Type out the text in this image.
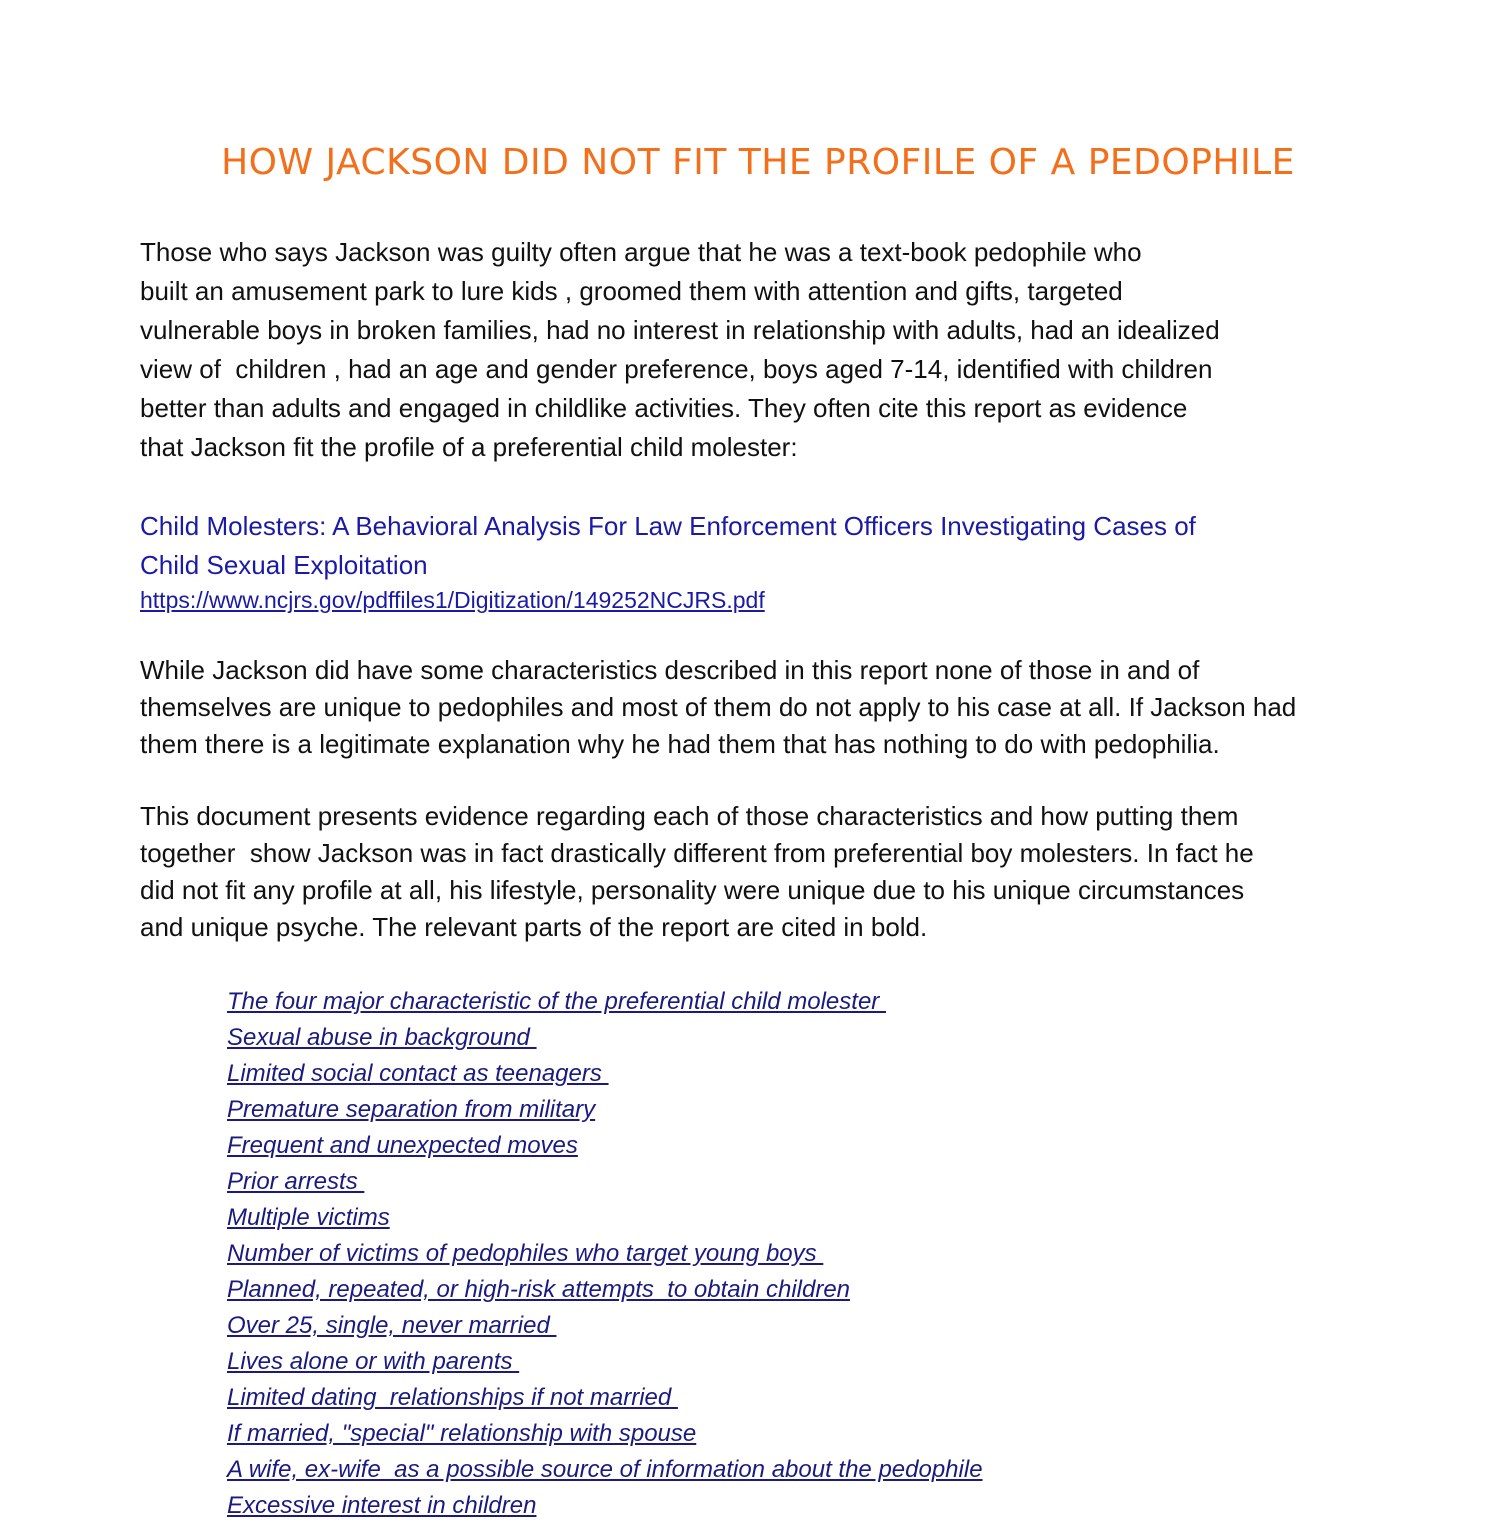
HOW JACKSON DID NOT FIT THE PROFILE OF A PEDOPHILE
Those who says Jackson was guilty often argue that he was a text-book pedophile who
built an amusement park to lure kids , groomed them with attention and gifts, targeted
vulnerable boys in broken families, had no interest in relationship with adults, had an idealized
view of  children , had an age and gender preference, boys aged 7-14, identified with children
better than adults and engaged in childlike activities. They often cite this report as evidence
that Jackson fit the profile of a preferential child molester:
Child Molesters: A Behavioral Analysis For Law Enforcement Officers Investigating Cases of
Child Sexual Exploitation
https://www.ncjrs.gov/pdffiles1/Digitization/149252NCJRS.pdf
While Jackson did have some characteristics described in this report none of those in and of
themselves are unique to pedophiles and most of them do not apply to his case at all. If Jackson had
them there is a legitimate explanation why he had them that has nothing to do with pedophilia.
This document presents evidence regarding each of those characteristics and how putting them
together  show Jackson was in fact drastically different from preferential boy molesters. In fact he
did not fit any profile at all, his lifestyle, personality were unique due to his unique circumstances
and unique psyche. The relevant parts of the report are cited in bold.
The four major characteristic of the preferential child molester
Sexual abuse in background
Limited social contact as teenagers
Premature separation from military
Frequent and unexpected moves
Prior arrests
Multiple victims
Number of victims of pedophiles who target young boys
Planned, repeated, or high-risk attempts  to obtain children
Over 25, single, never married
Lives alone or with parents
Limited dating  relationships if not married
If married, "special" relationship with spouse
A wife, ex-wife  as a possible source of information about the pedophile
Excessive interest in children
